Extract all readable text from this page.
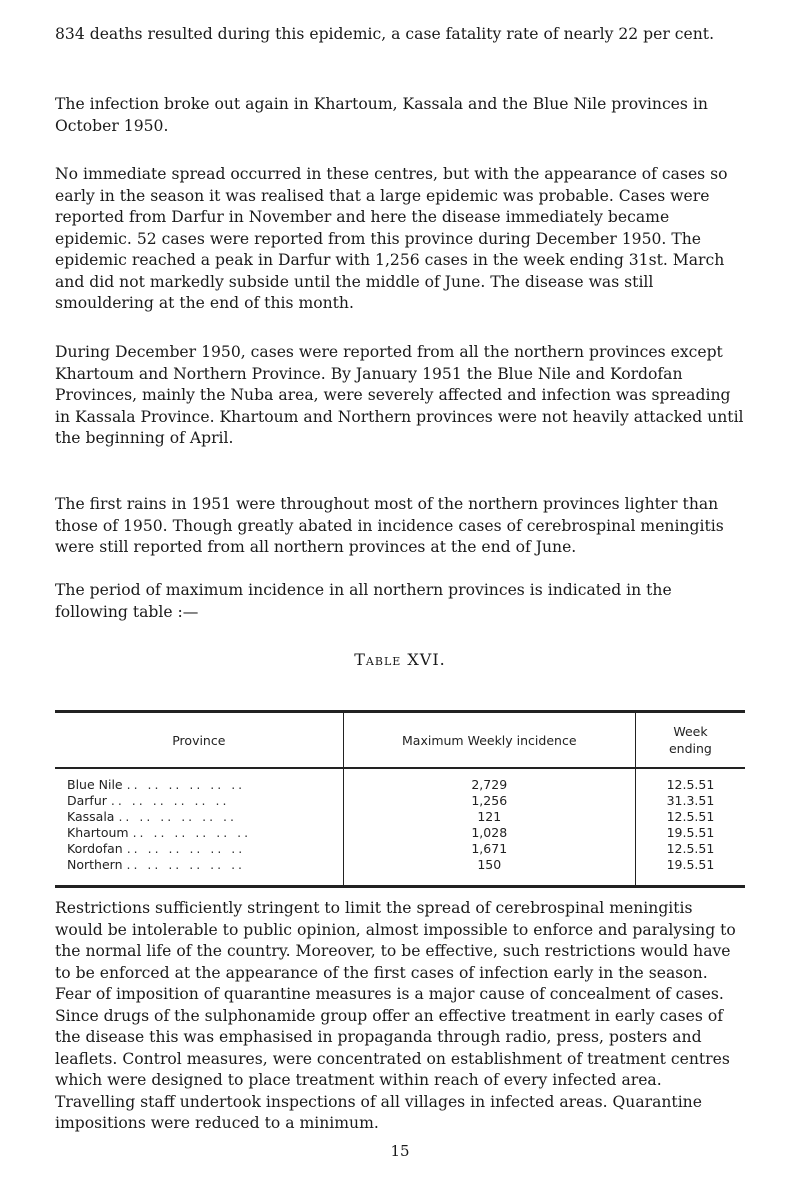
834 deaths resulted during this epidemic, a case fatality rate of nearly 22 per cent.

The infection broke out again in Khartoum, Kassala and the Blue Nile provinces in October 1950.

No immediate spread occurred in these centres, but with the appearance of cases so early in the season it was realised that a large epidemic was probable. Cases were reported from Darfur in November and here the disease immediately became epidemic. 52 cases were reported from this province during December 1950. The epidemic reached a peak in Darfur with 1,256 cases in the week ending 31st. March and did not markedly subside until the middle of June. The disease was still smouldering at the end of this month.

During December 1950, cases were reported from all the northern provinces except Khartoum and Northern Province. By January 1951 the Blue Nile and Kordofan Provinces, mainly the Nuba area, were severely affected and infection was spreading in Kassala Province. Khartoum and Northern provinces were not heavily attacked until the beginning of April.

The first rains in 1951 were throughout most of the northern provinces lighter than those of 1950. Though greatly abated in incidence cases of cerebrospinal meningitis were still reported from all northern provinces at the end of June.

The period of maximum incidence in all northern provinces is indicated in the following table :—

Table XVI.
Province	Maximum Weekly incidence	Week
ending
Blue Nile .. .. .. .. .. ..	2,729	12.5.51
Darfur .. .. .. .. .. ..	1,256	31.3.51
Kassala .. .. .. .. .. ..	121	12.5.51
Khartoum .. .. .. .. .. ..	1,028	19.5.51
Kordofan .. .. .. .. .. ..	1,671	12.5.51
Northern .. .. .. .. .. ..	150	19.5.51

Restrictions sufficiently stringent to limit the spread of cerebrospinal meningitis would be intolerable to public opinion, almost impossible to enforce and paralysing to the normal life of the country. Moreover, to be effective, such restrictions would have to be enforced at the appearance of the first cases of infection early in the season. Fear of imposition of quarantine measures is a major cause of concealment of cases. Since drugs of the sulphonamide group offer an effective treatment in early cases of the disease this was emphasised in propaganda through radio, press, posters and leaflets. Control measures, were concentrated on establishment of treatment centres which were designed to place treatment within reach of every infected area. Travelling staff undertook inspections of all villages in infected areas. Quarantine impositions were reduced to a minimum.

15
